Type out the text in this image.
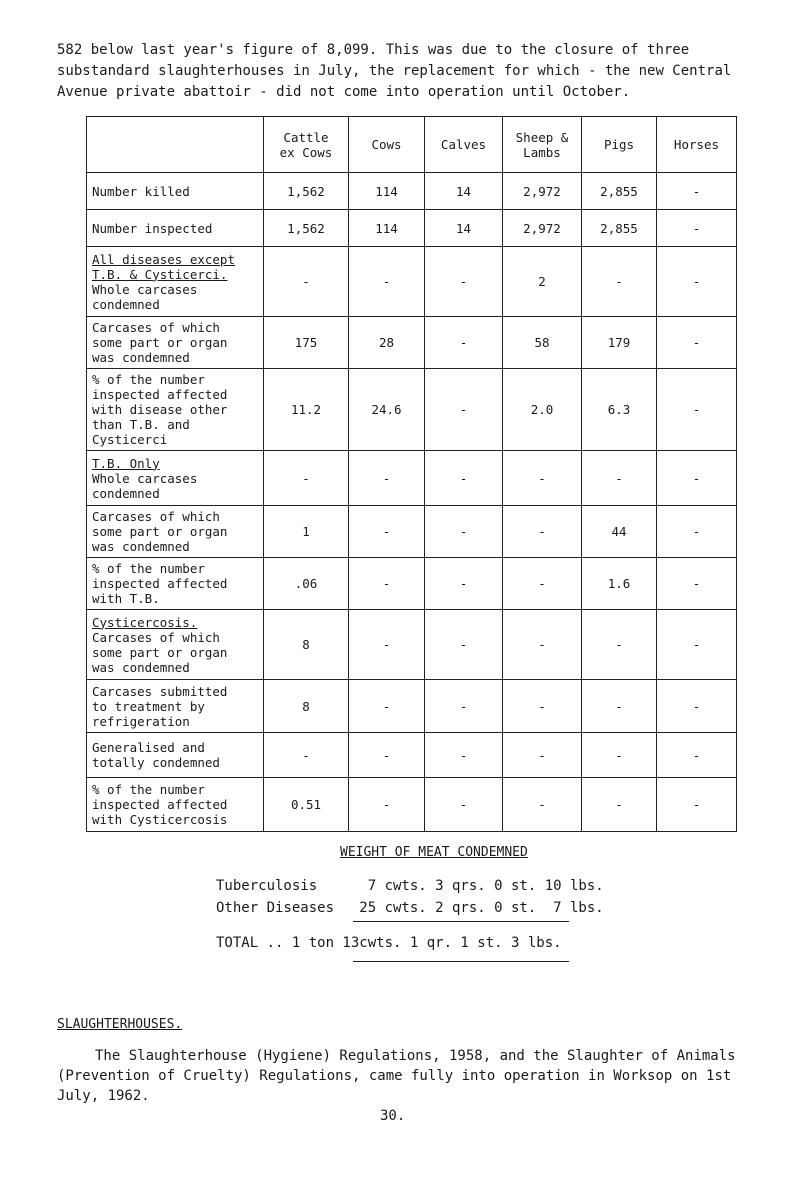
582 below last year's figure of 8,099. This was due to the closure of three
substandard slaughterhouses in July, the replacement for which - the new Central
Avenue private abattoir - did not come into operation until October.
	Cattle
ex Cows	Cows	Calves	Sheep &
Lambs	Pigs	Horses

Number killed	1,562	114	14	2,972	2,855	-

Number inspected	1,562	114	14	2,972	2,855	-

All diseases except
T.B. & Cysticerci.
Whole carcases
condemned	-	-	-	2	-	-

Carcases of which
some part or organ
was condemned	175	28	-	58	179	-

% of the number
inspected affected
with disease other
than T.B. and
Cysticerci	11.2	24.6	-	2.0	6.3	-

T.B. Only
Whole carcases
condemned	-	-	-	-	-	-

Carcases of which
some part or organ
was condemned	1	-	-	-	44	-

% of the number
inspected affected
with T.B.	.06	-	-	-	1.6	-

Cysticercosis.
Carcases of which
some part or organ
was condemned	8	-	-	-	-	-

Carcases submitted
to treatment by
refrigeration	8	-	-	-	-	-

Generalised and
totally condemned	-	-	-	-	-	-

% of the number
inspected affected
with Cysticercosis	0.51	-	-	-	-	-
WEIGHT OF MEAT CONDEMNED
Tuberculosis      7 cwts. 3 qrs. 0 st. 10 lbs.
Other Diseases   25 cwts. 2 qrs. 0 st.  7 lbs.
TOTAL .. 1 ton 13cwts. 1 qr. 1 st. 3 lbs.
SLAUGHTERHOUSES.
The Slaughterhouse (Hygiene) Regulations, 1958, and the Slaughter of Animals (Prevention of Cruelty) Regulations, came fully into operation in Worksop on 1st July, 1962.
30.
